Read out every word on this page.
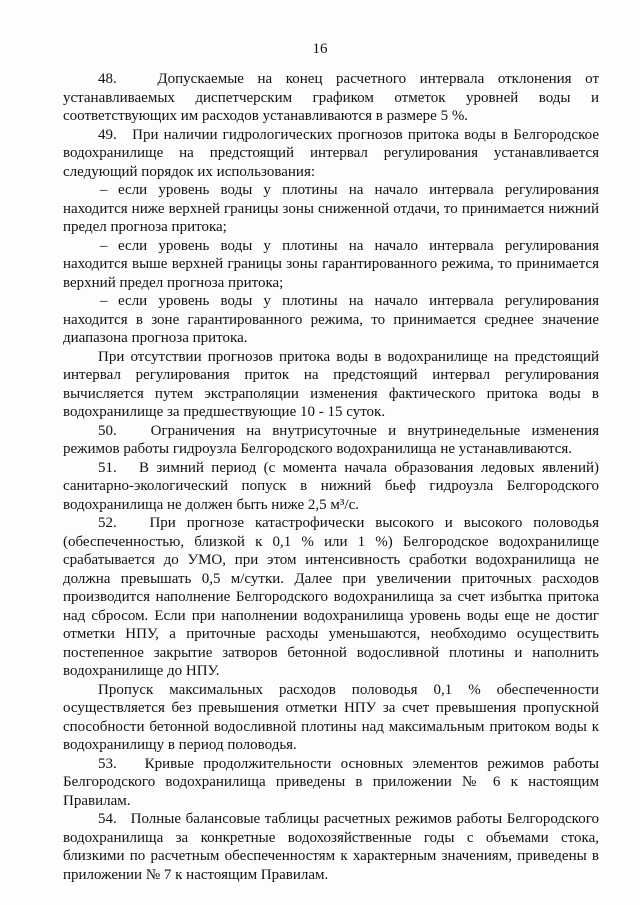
16

48.   Допускаемые на конец расчетного интервала отклонения от устанавливаемых диспетчерским графиком отметок уровней воды и соответствующих им расходов устанавливаются в размере 5 %.

49.   При наличии гидрологических прогнозов притока воды в Белгородское водохранилище на предстоящий интервал регулирования устанавливается следующий порядок их использования:

– если уровень воды у плотины на начало интервала регулирования находится ниже верхней границы зоны сниженной отдачи, то принимается нижний предел прогноза притока;

– если уровень воды у плотины на начало интервала регулирования находится выше верхней границы зоны гарантированного режима, то принимается верхний предел прогноза притока;

– если уровень воды у плотины на начало интервала регулирования находится в зоне гарантированного режима, то принимается среднее значение диапазона прогноза притока.

При отсутствии прогнозов притока воды в водохранилище на предстоящий интервал регулирования приток на предстоящий интервал регулирования вычисляется путем экстраполяции изменения фактического притока воды в водохранилище за предшествующие 10 - 15 суток.

50.   Ограничения на внутрисуточные и внутринедельные изменения режимов работы гидроузла Белгородского водохранилища не устанавливаются.

51.   В зимний период (с момента начала образования ледовых явлений) санитарно-экологический попуск в нижний бьеф гидроузла Белгородского водохранилища не должен быть ниже 2,5 м³/с.

52.   При прогнозе катастрофически высокого и высокого половодья (обеспеченностью, близкой к 0,1 % или 1 %) Белгородское водохранилище срабатывается до УМО, при этом интенсивность сработки водохранилища не должна превышать 0,5 м/сутки. Далее при увеличении приточных расходов производится наполнение Белгородского водохранилища за счет избытка притока над сбросом. Если при наполнении водохранилища уровень воды еще не достиг отметки НПУ, а приточные расходы уменьшаются, необходимо осуществить постепенное закрытие затворов бетонной водосливной плотины и наполнить водохранилище до НПУ.

Пропуск максимальных расходов половодья 0,1 % обеспеченности осуществляется без превышения отметки НПУ за счет превышения пропускной способности бетонной водосливной плотины над максимальным притоком воды к водохранилищу в период половодья.

53.   Кривые продолжительности основных элементов режимов работы Белгородского водохранилища приведены в приложении № 6 к настоящим Правилам.

54.   Полные балансовые таблицы расчетных режимов работы Белгородского водохранилища за конкретные водохозяйственные годы с объемами стока, близкими по расчетным обеспеченностям к характерным значениям, приведены в приложении № 7 к настоящим Правилам.
